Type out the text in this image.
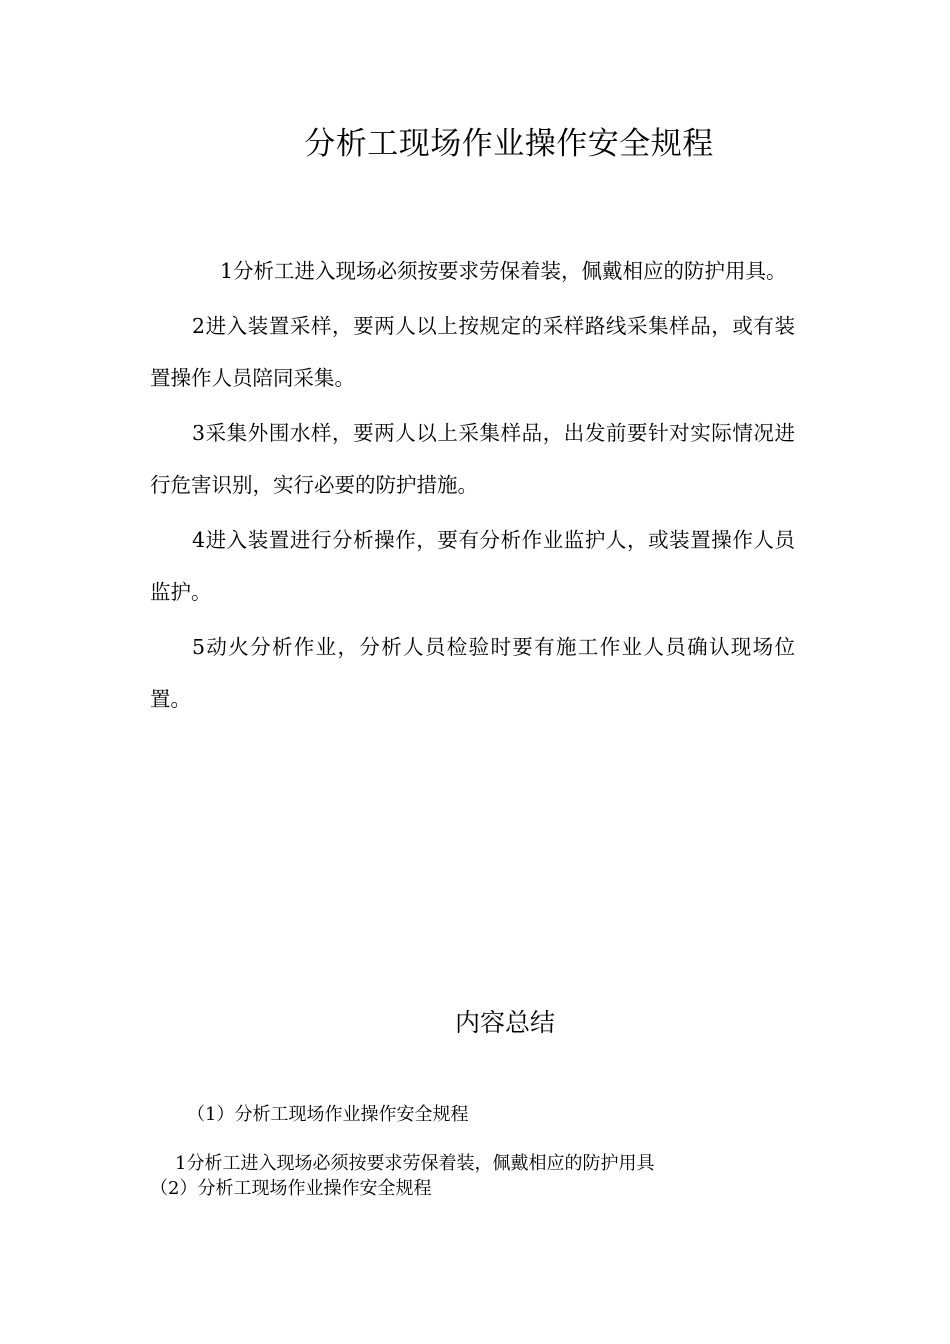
分析工现场作业操作安全规程

1分析工进入现场必须按要求劳保着装，佩戴相应的防护用具。

2进入装置采样，要两人以上按规定的采样路线采集样品，或有装置操作人员陪同采集。

3采集外围水样，要两人以上采集样品，出发前要针对实际情况进行危害识别，实行必要的防护措施。

4进入装置进行分析操作，要有分析作业监护人，或装置操作人员监护。

5动火分析作业，分析人员检验时要有施工作业人员确认现场位置。

内容总结
（1）分析工现场作业操作安全规程
1分析工进入现场必须按要求劳保着装，佩戴相应的防护用具
（2）分析工现场作业操作安全规程
